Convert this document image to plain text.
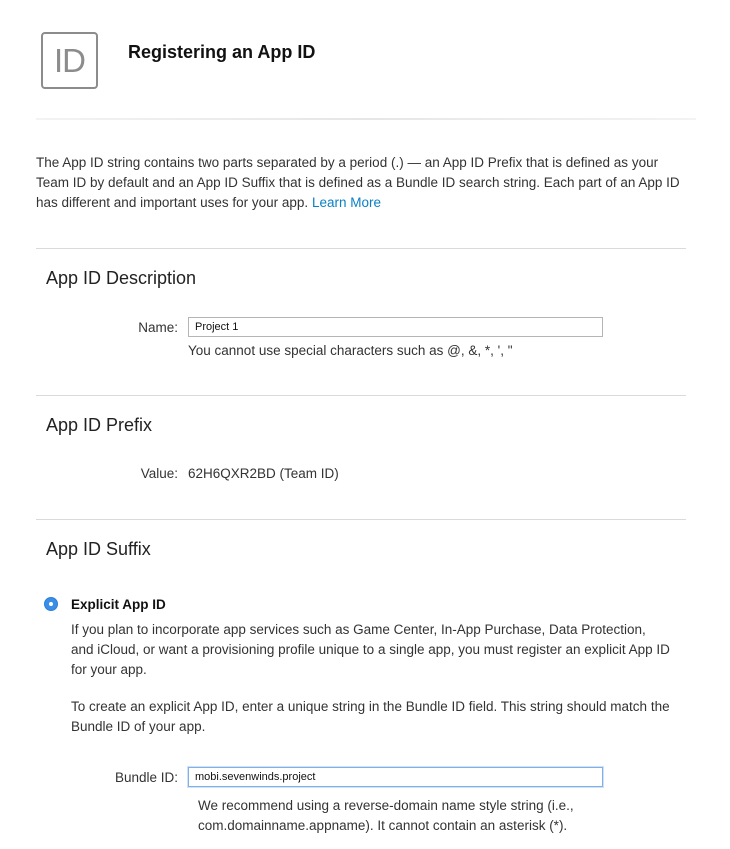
ID	Registering an App ID
The App ID string contains two parts separated by a period (.) — an App ID Prefix that is defined as your Team ID by default and an App ID Suffix that is defined as a Bundle ID search string. Each part of an App ID has different and important uses for your app. Learn More
App ID Description
Name:
Project 1
You cannot use special characters such as @, &, *, ', "
App ID Prefix
Value: 62H6QXR2BD (Team ID)
App ID Suffix
Explicit App ID
If you plan to incorporate app services such as Game Center, In-App Purchase, Data Protection, and iCloud, or want a provisioning profile unique to a single app, you must register an explicit App ID for your app.
To create an explicit App ID, enter a unique string in the Bundle ID field. This string should match the Bundle ID of your app.
Bundle ID:
mobi.sevenwinds.project
We recommend using a reverse-domain name style string (i.e., com.domainname.appname). It cannot contain an asterisk (*).
